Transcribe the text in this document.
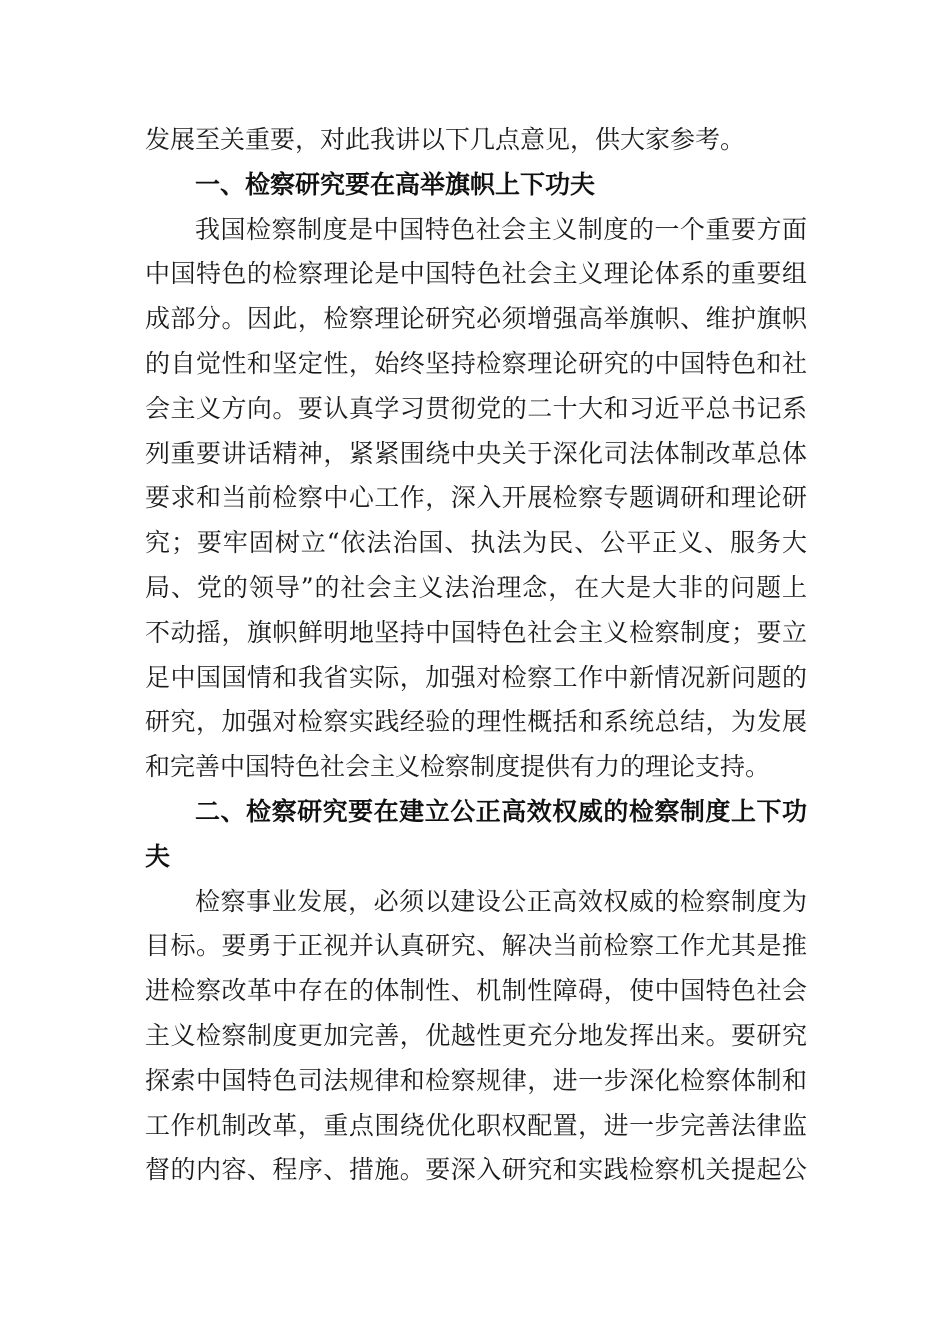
发展至关重要，对此我讲以下几点意见，供大家参考。
一、检察研究要在高举旗帜上下功夫
我国检察制度是中国特色社会主义制度的一个重要方面
中国特色的检察理论是中国特色社会主义理论体系的重要组
成部分。因此，检察理论研究必须增强高举旗帜、维护旗帜
的自觉性和坚定性，始终坚持检察理论研究的中国特色和社
会主义方向。要认真学习贯彻党的二十大和习近平总书记系
列重要讲话精神，紧紧围绕中央关于深化司法体制改革总体
要求和当前检察中心工作，深入开展检察专题调研和理论研
究；要牢固树立“依法治国、执法为民、公平正义、服务大
局、党的领导”的社会主义法治理念，在大是大非的问题上
不动摇，旗帜鲜明地坚持中国特色社会主义检察制度；要立
足中国国情和我省实际，加强对检察工作中新情况新问题的
研究，加强对检察实践经验的理性概括和系统总结，为发展
和完善中国特色社会主义检察制度提供有力的理论支持。
二、检察研究要在建立公正高效权威的检察制度上下功
夫
检察事业发展，必须以建设公正高效权威的检察制度为
目标。要勇于正视并认真研究、解决当前检察工作尤其是推
进检察改革中存在的体制性、机制性障碍，使中国特色社会
主义检察制度更加完善，优越性更充分地发挥出来。要研究
探索中国特色司法规律和检察规律，进一步深化检察体制和
工作机制改革，重点围绕优化职权配置，进一步完善法律监
督的内容、程序、措施。要深入研究和实践检察机关提起公
